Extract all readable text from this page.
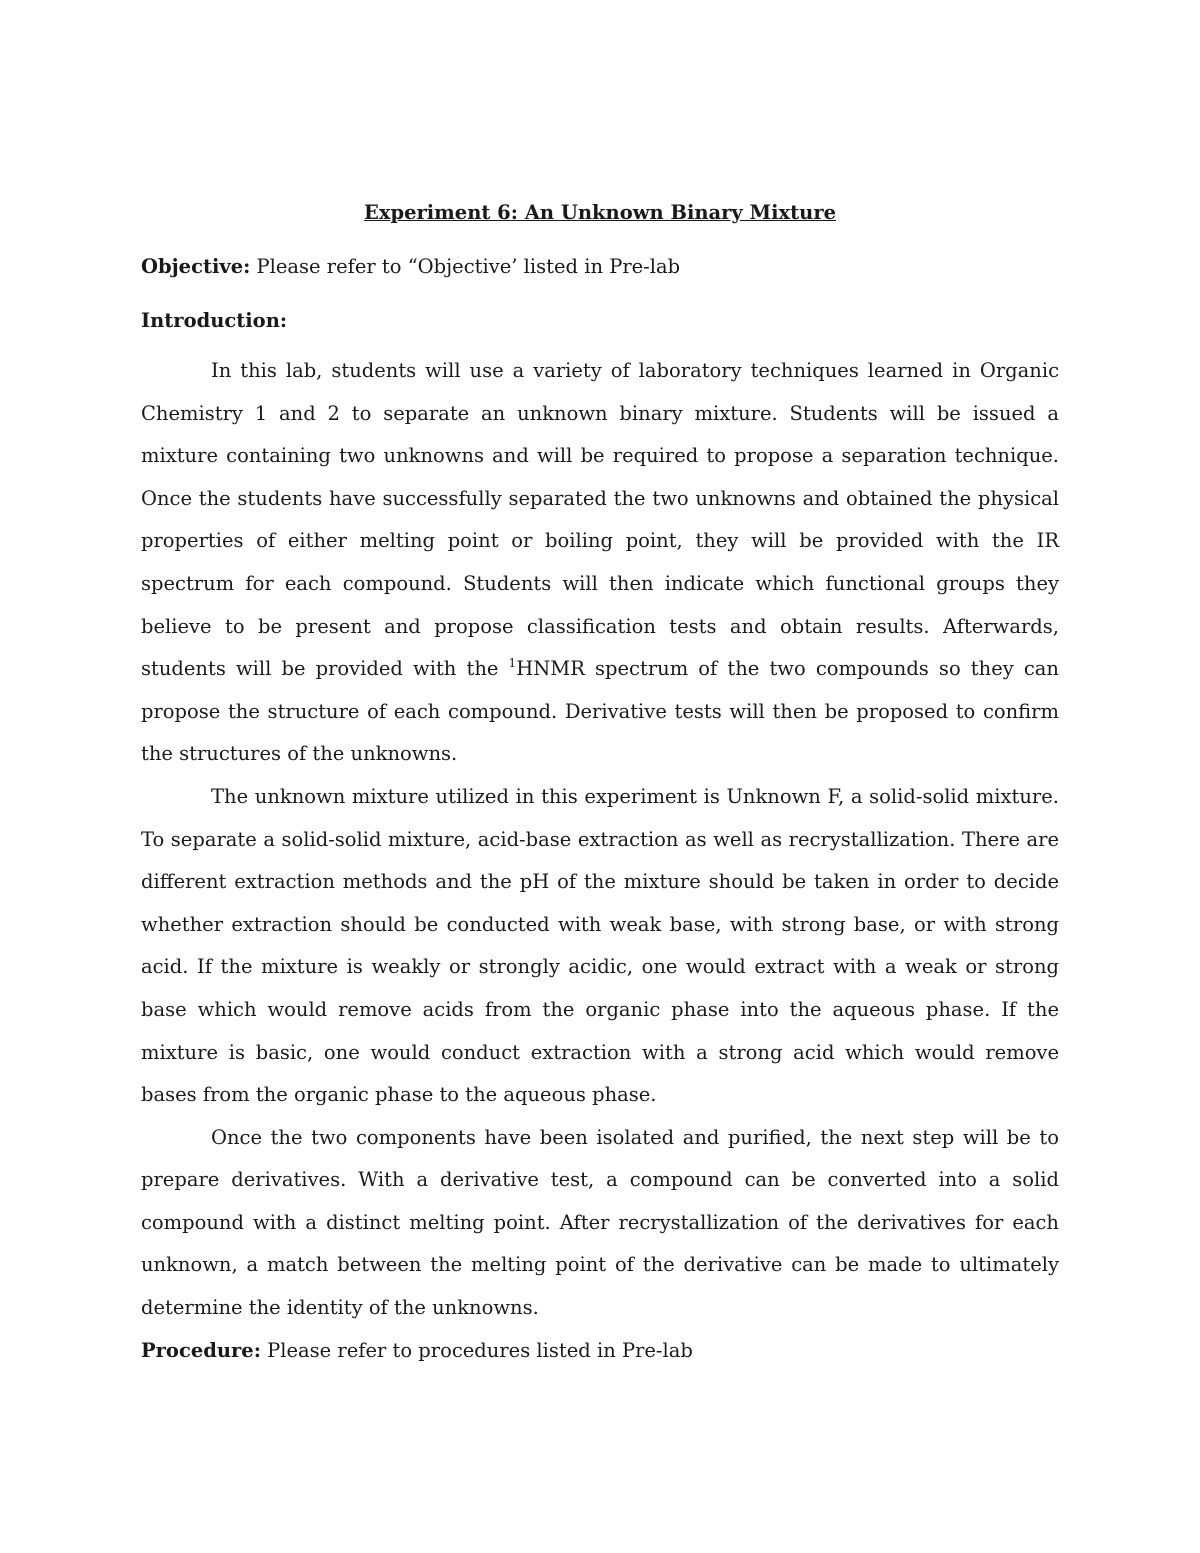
Experiment 6: An Unknown Binary Mixture
Objective: Please refer to “Objective’ listed in Pre-lab
Introduction:

In this lab, students will use a variety of laboratory techniques learned in Organic Chemistry 1 and 2 to separate an unknown binary mixture. Students will be issued a mixture containing two unknowns and will be required to propose a separation technique. Once the students have successfully separated the two unknowns and obtained the physical properties of either melting point or boiling point, they will be provided with the IR spectrum for each compound. Students will then indicate which functional groups they believe to be present and propose classification tests and obtain results. Afterwards, students will be provided with the $^1$HNMR spectrum of the two compounds so they can propose the structure of each compound. Derivative tests will then be proposed to confirm the structures of the unknowns.

The unknown mixture utilized in this experiment is Unknown F, a solid-solid mixture. To separate a solid-solid mixture, acid-base extraction as well as recrystallization. There are different extraction methods and the pH of the mixture should be taken in order to decide whether extraction should be conducted with weak base, with strong base, or with strong acid. If the mixture is weakly or strongly acidic, one would extract with a weak or strong base which would remove acids from the organic phase into the aqueous phase. If the mixture is basic, one would conduct extraction with a strong acid which would remove bases from the organic phase to the aqueous phase.

Once the two components have been isolated and purified, the next step will be to prepare derivatives. With a derivative test, a compound can be converted into a solid compound with a distinct melting point. After recrystallization of the derivatives for each unknown, a match between the melting point of the derivative can be made to ultimately determine the identity of the unknowns.

Procedure: Please refer to procedures listed in Pre-lab
